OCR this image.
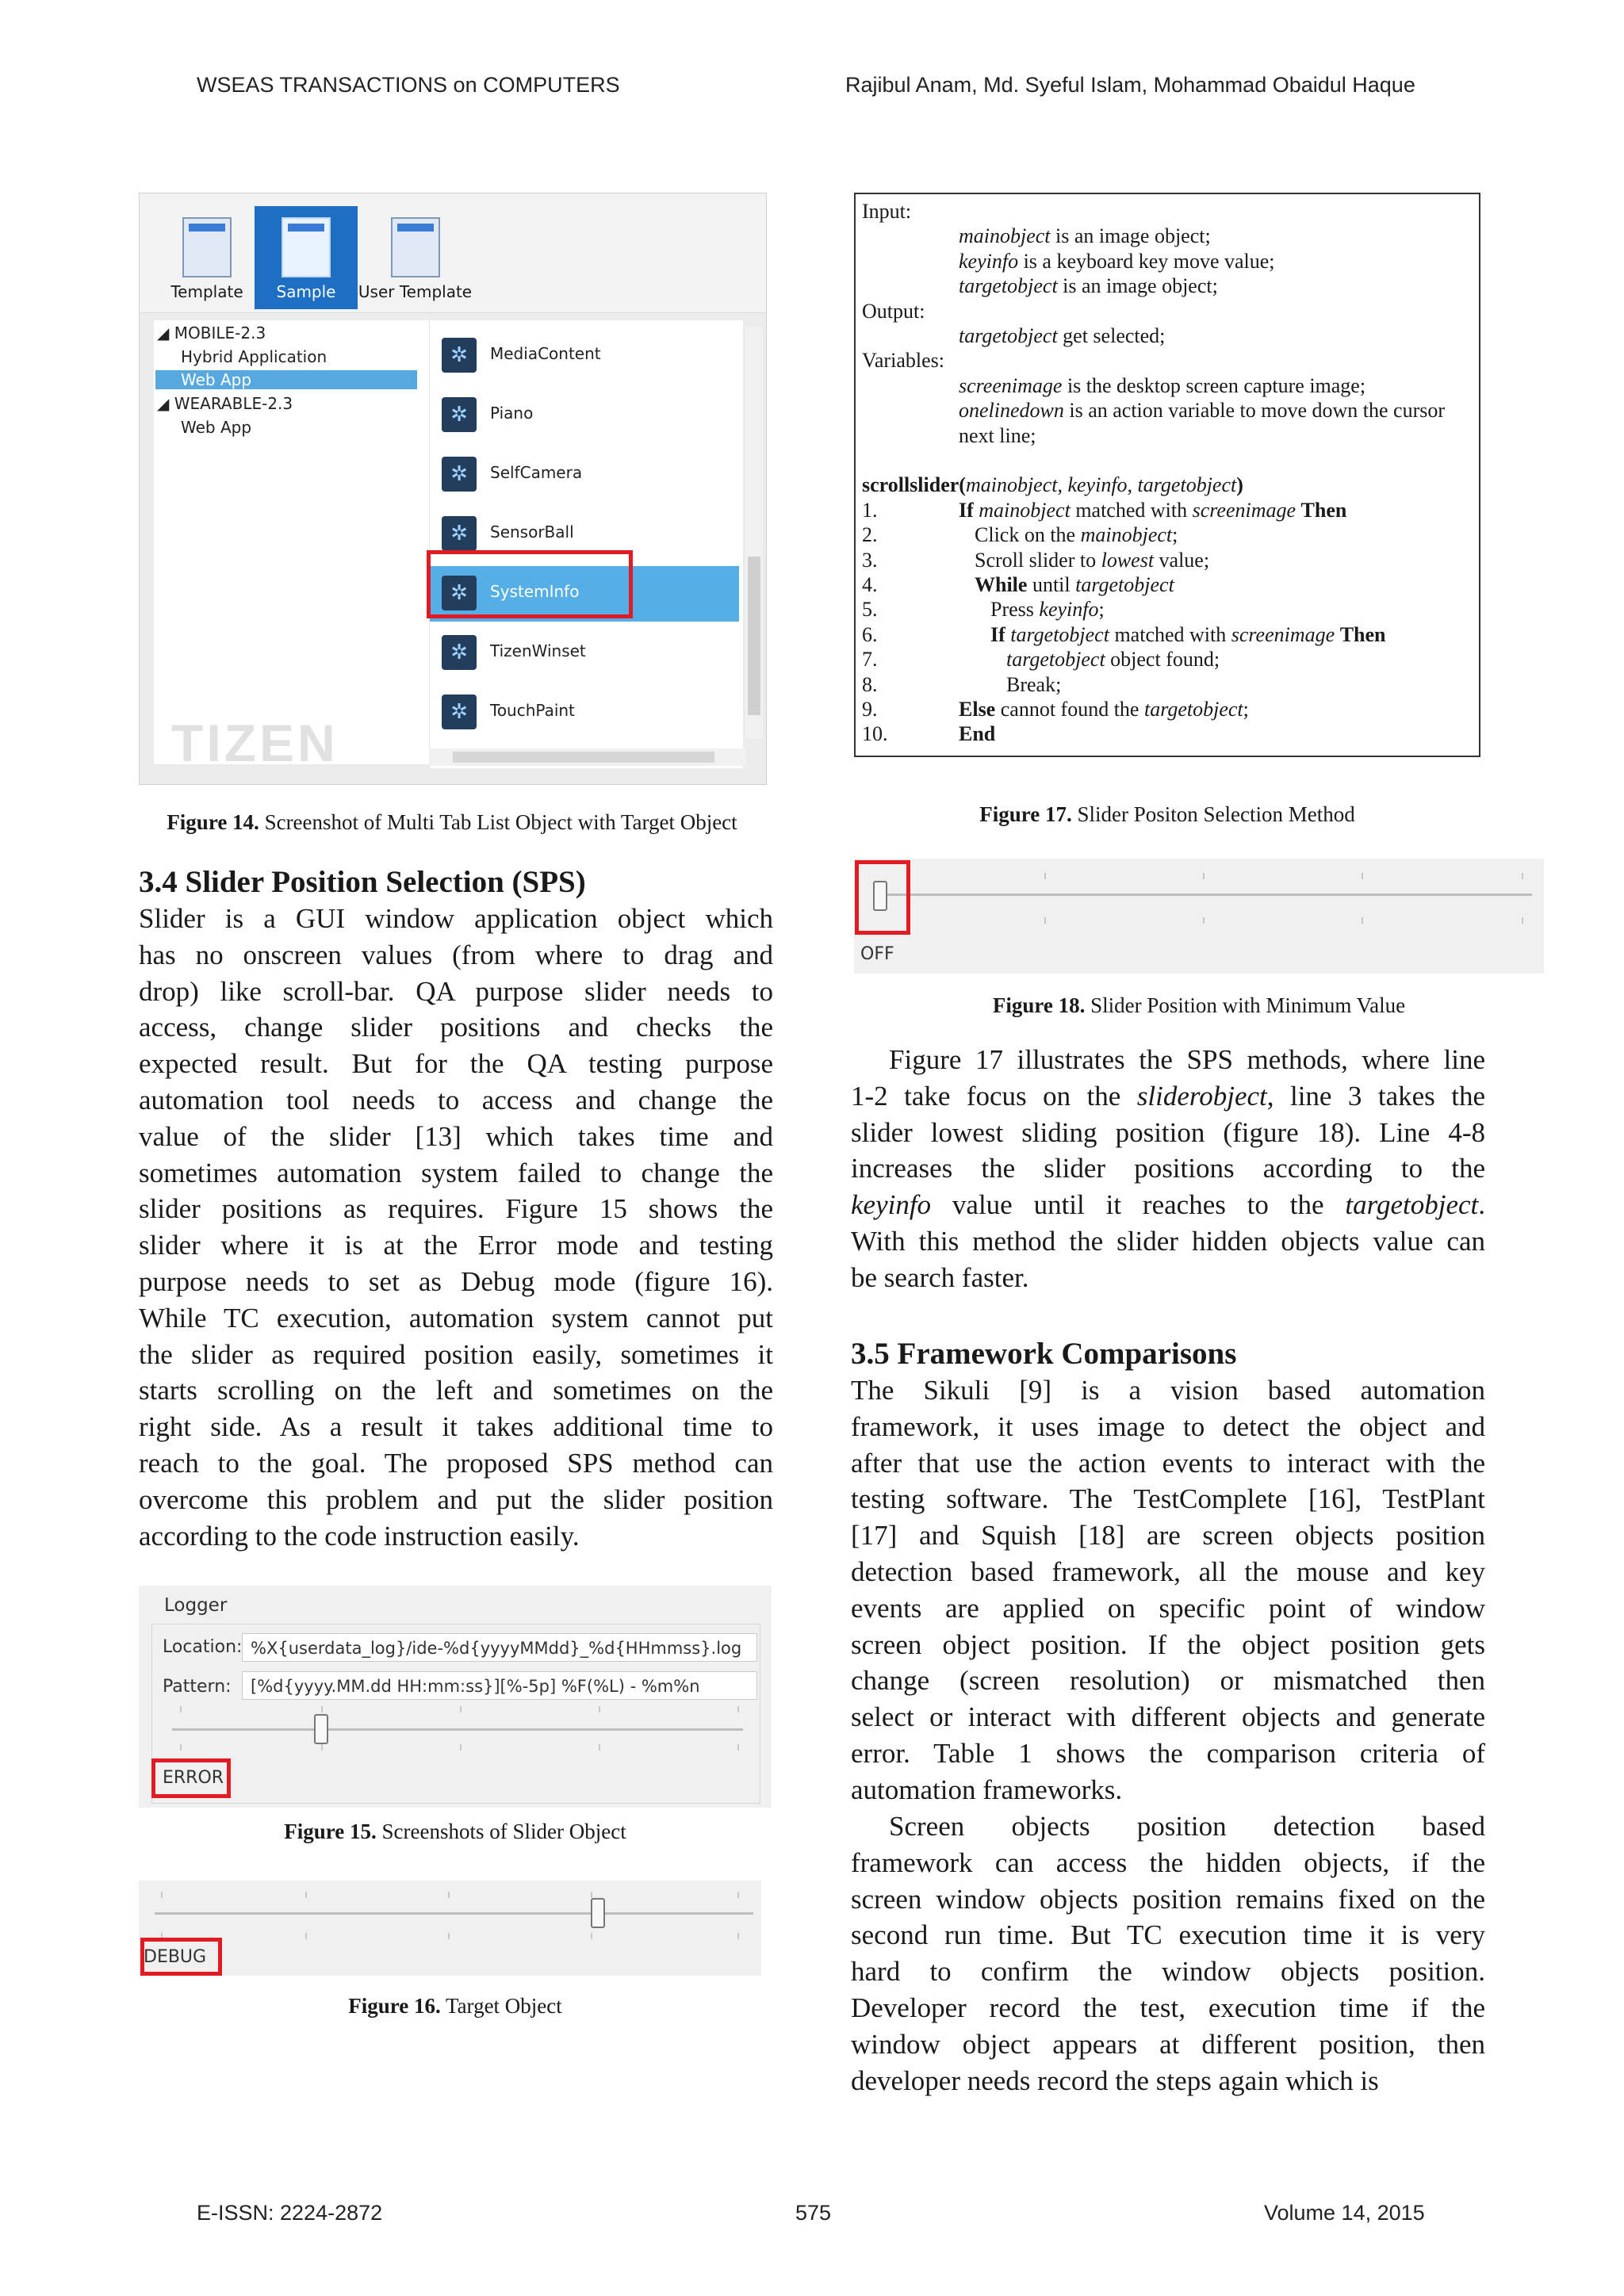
WSEAS TRANSACTIONS on COMPUTERS	Rajibul Anam, Md. Syeful Islam, Mohammad Obaidul Haque
Template	Sample	User Template
◢ MOBILE-2.3
Hybrid Application
Web App
◢ WEARABLE-2.3
Web App
✲	MediaContent
✲	Piano
✲	SelfCamera
✲	SensorBall
✲	SystemInfo
✲	TizenWinset
✲	TouchPaint
TIZEN
Figure 14. Screenshot of Multi Tab List Object with Target Object
Input:
mainobject is an image object;
keyinfo is a keyboard key move value;
targetobject is an image object;
Output:
targetobject get selected;
Variables:
screenimage is the desktop screen capture image;
onelinedown is an action variable to move down the cursor
next line;
scrollslider(mainobject, keyinfo, targetobject)
1.	If mainobject matched with screenimage Then
2.	Click on the mainobject;
3.	Scroll slider to lowest value;
4.	While until targetobject
5.	Press keyinfo;
6.	If targetobject matched with screenimage Then
7.	targetobject object found;
8.	Break;
9.	Else cannot found the targetobject;
10.	End
Figure 17. Slider Positon Selection Method
3.4 Slider Position Selection (SPS)
Slider is a GUI window application object which
has no onscreen values (from where to drag and
drop) like scroll-bar. QA purpose slider needs to
access, change slider positions and checks the
expected result. But for the QA testing purpose
automation tool needs to access and change the
value of the slider [13] which takes time and
sometimes automation system failed to change the
slider positions as requires. Figure 15 shows the
slider where it is at the Error mode and testing
purpose needs to set as Debug mode (figure 16).
While TC execution, automation system cannot put
the slider as required position easily, sometimes it
starts scrolling on the left and sometimes on the
right side. As a result it takes additional time to
reach to the goal. The proposed SPS method can
overcome this problem and put the slider position
according to the code instruction easily.
OFF
Figure 18. Slider Position with Minimum Value
Figure 17 illustrates the SPS methods, where line
1-2 take focus on the sliderobject, line 3 takes the
slider lowest sliding position (figure 18). Line 4-8
increases the slider positions according to the
keyinfo value until it reaches to the targetobject.
With this method the slider hidden objects value can
be search faster.
3.5 Framework Comparisons
The Sikuli [9] is a vision based automation
framework, it uses image to detect the object and
after that use the action events to interact with the
testing software. The TestComplete [16], TestPlant
[17] and Squish [18] are screen objects position
detection based framework, all the mouse and key
events are applied on specific point of window
screen object position. If the object position gets
change (screen resolution) or mismatched then
select or interact with different objects and generate
error. Table 1 shows the comparison criteria of
automation frameworks.
Screen objects position detection based
framework can access the hidden objects, if the
screen window objects position remains fixed on the
second run time. But TC execution time it is very
hard to confirm the window objects position.
Developer record the test, execution time if the
window object appears at different position, then
developer needs record the steps again which is
Logger
Location: %X{userdata_log}/ide-%d{yyyyMMdd}_%d{HHmmss}.log
Pattern:	[%d{yyyy.MM.dd HH:mm:ss}][%-5p] %F(%L) - %m%n
ERROR
Figure 15. Screenshots of Slider Object
DEBUG
Figure 16. Target Object
E-ISSN: 2224-2872	575	Volume 14, 2015
